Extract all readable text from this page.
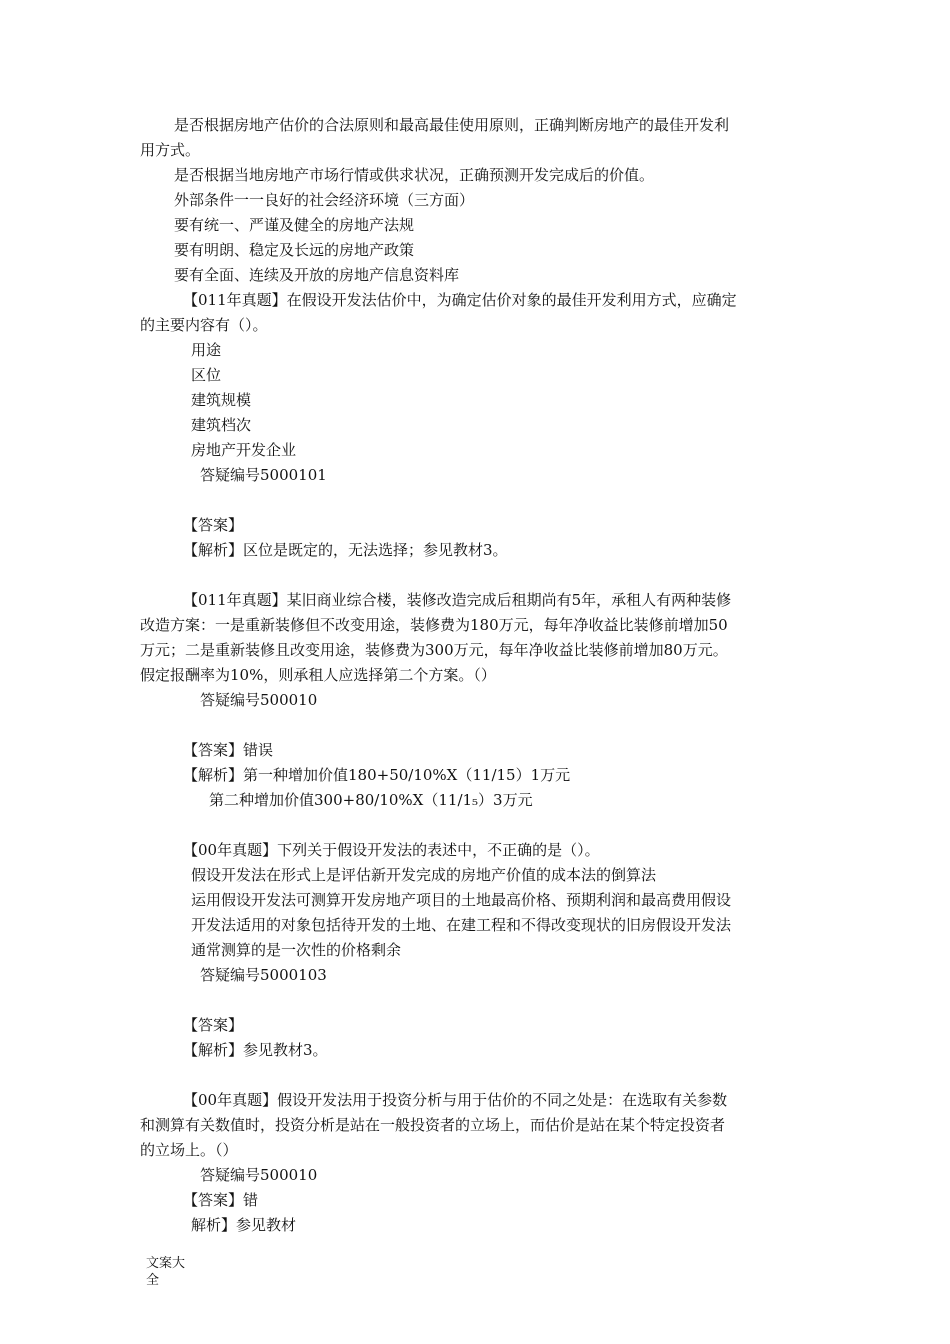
是否根据房地产估价的合法原则和最高最佳使用原则，正确判断房地产的最佳开发利
用方式。
是否根据当地房地产市场行情或供求状况，正确预测开发完成后的价值。
外部条件一一良好的社会经济环境（三方面）
要有统一、严谨及健全的房地产法规
要有明朗、稳定及长远的房地产政策
要有全面、连续及开放的房地产信息资料库
【011年真题】在假设开发法估价中，为确定估价对象的最佳开发利用方式，应确定
的主要内容有（）。
用途
区位
建筑规模
建筑档次
房地产开发企业
答疑编号5000101
【答案】
【解析】区位是既定的，无法选择；参见教材3。
【011年真题】某旧商业综合楼，装修改造完成后租期尚有5年，承租人有两种装修
改造方案：一是重新装修但不改变用途，装修费为180万元，每年净收益比装修前增加50
万元；二是重新装修且改变用途，装修费为300万元，每年净收益比装修前增加80万元。
假定报酬率为10%，则承租人应选择第二个方案。（）
答疑编号500010
【答案】错误
【解析】第一种增加价值180+50/10%X（11/15）1万元
第二种增加价值300+80/10%X（11/1₅）3万元
【00年真题】下列关于假设开发法的表述中，不正确的是（）。
假设开发法在形式上是评估新开发完成的房地产价值的成本法的倒算法
运用假设开发法可测算开发房地产项目的土地最高价格、预期利润和最高费用假设
开发法适用的对象包括待开发的土地、在建工程和不得改变现状的旧房假设开发法
通常测算的是一次性的价格剩余
答疑编号5000103
【答案】
【解析】参见教材3。
【00年真题】假设开发法用于投资分析与用于估价的不同之处是：在选取有关参数
和测算有关数值时，投资分析是站在一般投资者的立场上，而估价是站在某个特定投资者
的立场上。（）
答疑编号500010
【答案】错
解析】参见教材
文案大全
